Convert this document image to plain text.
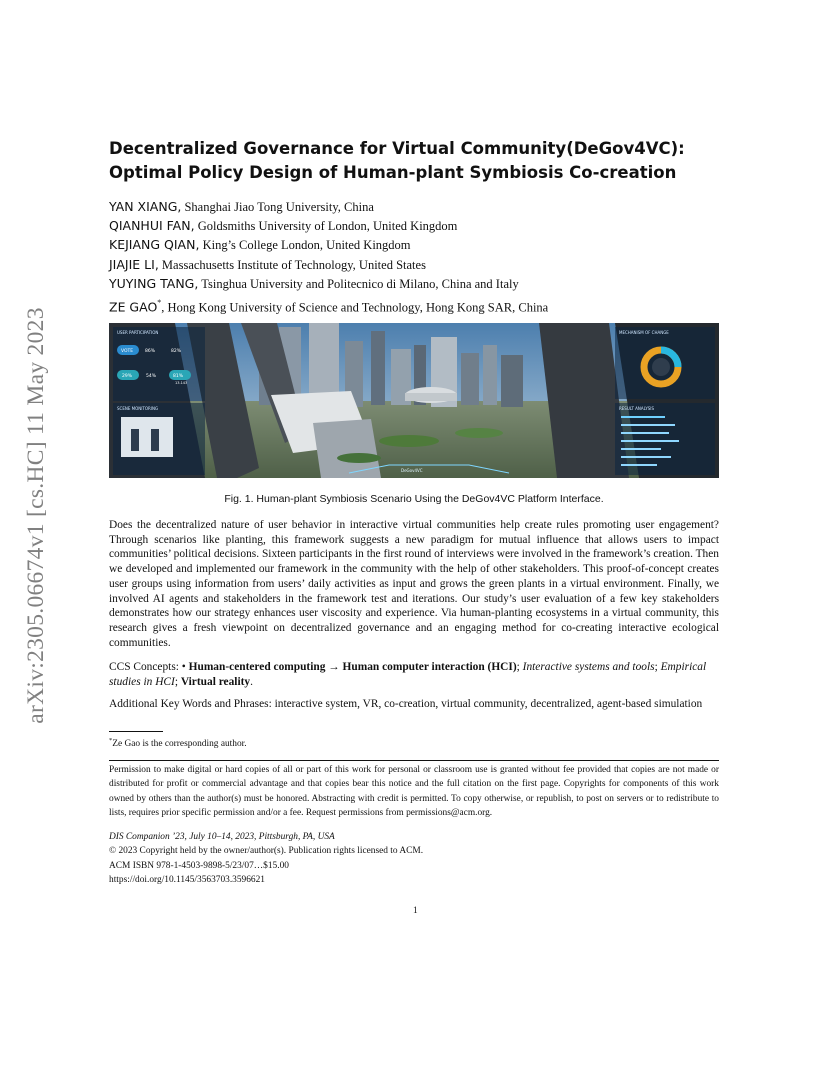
arXiv:2305.06674v1 [cs.HC] 11 May 2023
Decentralized Governance for Virtual Community(DeGov4VC):
Optimal Policy Design of Human-plant Symbiosis Co-creation
YAN XIANG, Shanghai Jiao Tong University, China
QIANHUI FAN, Goldsmiths University of London, United Kingdom
KEJIANG QIAN, King’s College London, United Kingdom
JIAJIE LI, Massachusetts Institute of Technology, United States
YUYING TANG, Tsinghua University and Politecnico di Milano, China and Italy
ZE GAO*, Hong Kong University of Science and Technology, Hong Kong SAR, China
USER PARTICIPATION
VOTE	86%	82%
29%	54%	81%
13.143
SCENE MONITORING
MECHANISM OF CHANGE
RESULT ANALYSIS
DeGov4VC
Fig. 1. Human-plant Symbiosis Scenario Using the DeGov4VC Platform Interface.

Does the decentralized nature of user behavior in interactive virtual communities help create rules promoting user engagement? Through scenarios like planting, this framework suggests a new paradigm for mutual influence that allows users to impact communities’ political decisions. Sixteen participants in the first round of interviews were involved in the framework’s creation. Then we developed and implemented our framework in the community with the help of other stakeholders. This proof-of-concept creates user groups using information from users’ daily activities as input and grows the green plants in a virtual environment. Finally, we involved AI agents and stakeholders in the framework test and iterations. Our study’s user evaluation of a few key stakeholders demonstrates how our strategy enhances user viscosity and experience. Via human-planting ecosystems in a virtual community, this research gives a fresh viewpoint on decentralized governance and an engaging method for co-creating interactive ecological communities.

CCS Concepts: • Human-centered computing → Human computer interaction (HCI); Interactive systems and tools; Empirical studies in HCI; Virtual reality.

Additional Key Words and Phrases: interactive system, VR, co-creation, virtual community, decentralized, agent-based simulation

*Ze Gao is the corresponding author.

Permission to make digital or hard copies of all or part of this work for personal or classroom use is granted without fee provided that copies are not made or distributed for profit or commercial advantage and that copies bear this notice and the full citation on the first page. Copyrights for components of this work owned by others than the author(s) must be honored. Abstracting with credit is permitted. To copy otherwise, or republish, to post on servers or to redistribute to lists, requires prior specific permission and/or a fee. Request permissions from permissions@acm.org.

DIS Companion ’23, July 10–14, 2023, Pittsburgh, PA, USA
© 2023 Copyright held by the owner/author(s). Publication rights licensed to ACM.
ACM ISBN 978-1-4503-9898-5/23/07…$15.00
https://doi.org/10.1145/3563703.3596621
1
